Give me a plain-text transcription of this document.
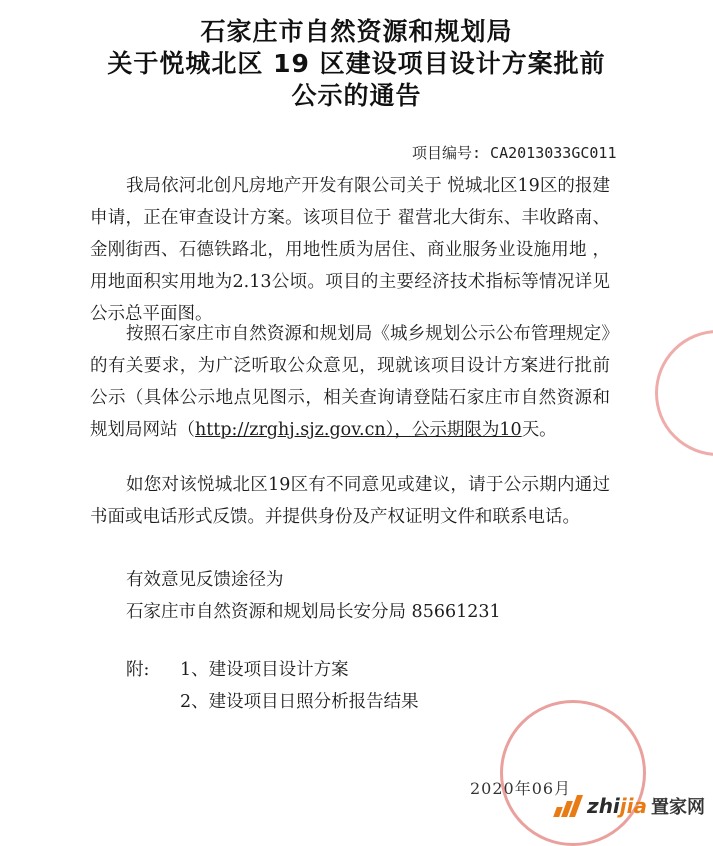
石家庄市自然资源和规划局
关于悦城北区 19 区建设项目设计方案批前
公示的通告
项目编号: CA2013033GC011
我局依河北创凡房地产开发有限公司关于 悦城北区19区的报建申请，正在审查设计方案。该项目位于 翟营北大街东、丰收路南、金刚街西、石德铁路北，用地性质为居住、商业服务业设施用地 ，用地面积实用地为2.13公顷。项目的主要经济技术指标等情况详见公示总平面图。
按照石家庄市自然资源和规划局《城乡规划公示公布管理规定》的有关要求，为广泛听取公众意见，现就该项目设计方案进行批前公示（具体公示地点见图示，相关查询请登陆石家庄市自然资源和规划局网站（http://zrghj.sjz.gov.cn），公示期限为10天。
如您对该悦城北区19区有不同意见或建议，请于公示期内通过书面或电话形式反馈。并提供身份及产权证明文件和联系电话。
有效意见反馈途径为
石家庄市自然资源和规划局长安分局 85661231
附: 1、建设项目设计方案
2、建设项目日照分析报告结果
2020年06月
zhijia 置家网
